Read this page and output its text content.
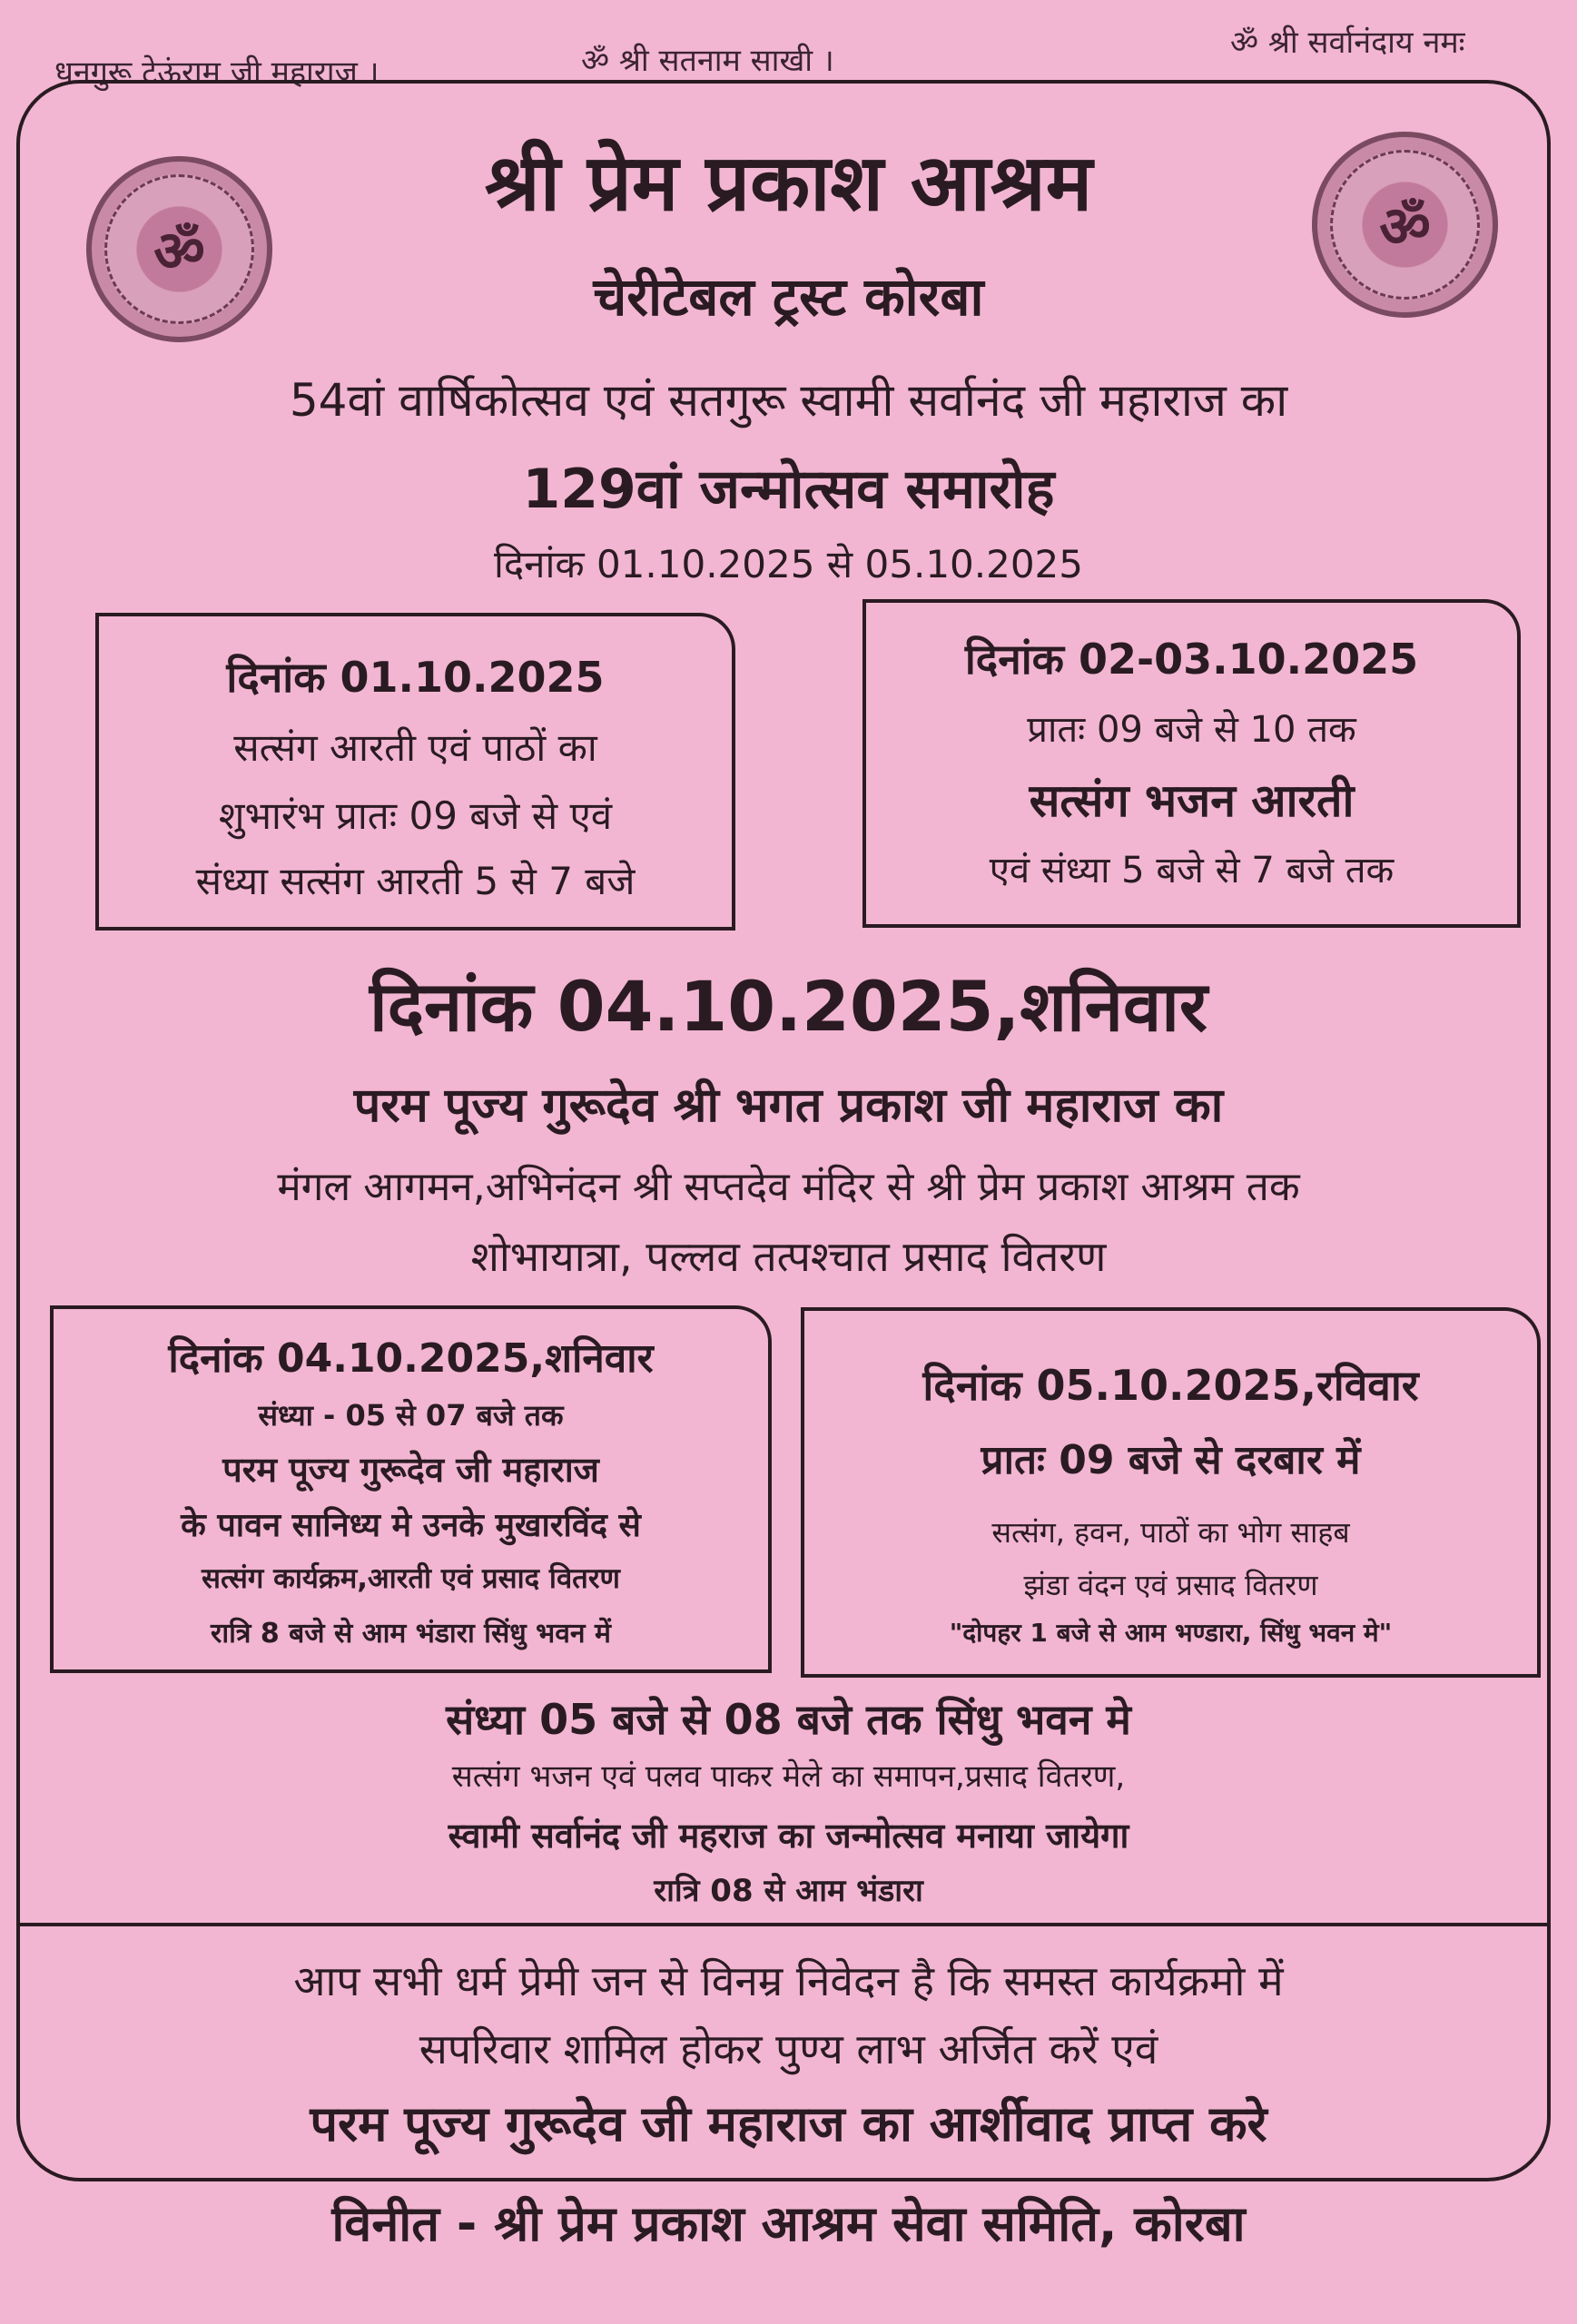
धनगुरू टेऊंराम जी महाराज ।	ॐ श्री सतनाम साखी ।	ॐ श्री सर्वानंदाय नमः
ॐ	ॐ
श्री प्रेम प्रकाश आश्रम
चेरीटेबल ट्रस्ट कोरबा
54वां वार्षिकोत्सव एवं सतगुरू स्वामी सर्वानंद जी महाराज का
129वां जन्मोत्सव समारोह
दिनांक 01.10.2025 से 05.10.2025
दिनांक 01.10.2025
सत्संग आरती एवं पाठों का
शुभारंभ प्रातः 09 बजे से एवं
संध्या सत्संग आरती 5 से 7 बजे
दिनांक 02-03.10.2025
प्रातः 09 बजे से 10 तक
सत्संग भजन आरती
एवं संध्या 5 बजे से 7 बजे तक
दिनांक 04.10.2025,शनिवार
परम पूज्य गुरूदेव श्री भगत प्रकाश जी महाराज का
मंगल आगमन,अभिनंदन श्री सप्तदेव मंदिर से श्री प्रेम प्रकाश आश्रम तक
शोभायात्रा, पल्लव तत्पश्चात प्रसाद वितरण
दिनांक 04.10.2025,शनिवार
संध्या - 05 से 07 बजे तक
परम पूज्य गुरूदेव जी महाराज
के पावन सानिध्य मे उनके मुखारविंद से
सत्संग कार्यक्रम,आरती एवं प्रसाद वितरण
रात्रि 8 बजे से आम भंडारा सिंधु भवन में
दिनांक 05.10.2025,रविवार
प्रातः 09 बजे से दरबार में
सत्संग, हवन, पाठों का भोग साहब
झंडा वंदन एवं प्रसाद वितरण
"दोपहर 1 बजे से आम भण्डारा, सिंधु भवन मे"
संध्या 05 बजे से 08 बजे तक सिंधु भवन मे
सत्संग भजन एवं पलव पाकर मेले का समापन,प्रसाद वितरण,
स्वामी सर्वानंद जी महराज का जन्मोत्सव मनाया जायेगा
रात्रि 08 से आम भंडारा
आप सभी धर्म प्रेमी जन से विनम्र निवेदन है कि समस्त कार्यक्रमो में
सपरिवार शामिल होकर पुण्य लाभ अर्जित करें एवं
परम पूज्य गुरूदेव जी महाराज का आर्शीवाद प्राप्त करे
विनीत - श्री प्रेम प्रकाश आश्रम सेवा समिति, कोरबा
